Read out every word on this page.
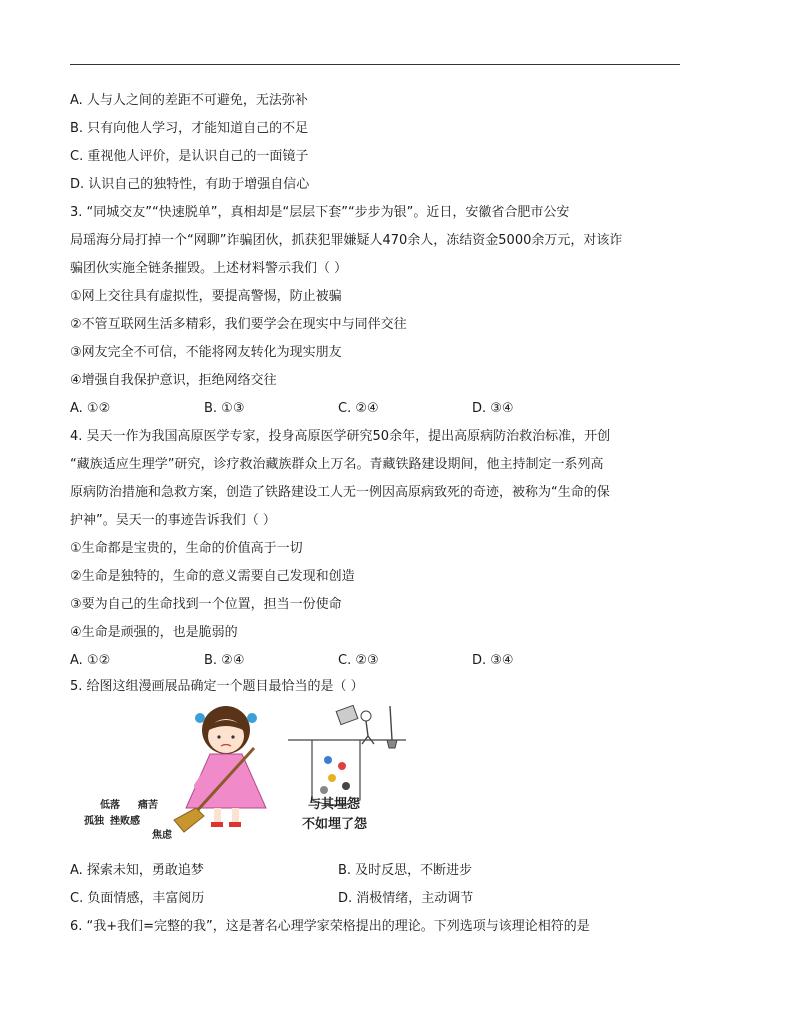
A. 人与人之间的差距不可避免，无法弥补
B. 只有向他人学习，才能知道自己的不足
C. 重视他人评价，是认识自己的一面镜子
D. 认识自己的独特性，有助于增强自信心
3. “同城交友”“快速脱单”，真相却是“层层下套”“步步为银”。近日，安徽省合肥市公安
局瑶海分局打掉一个“网聊”诈骗团伙，抓获犯罪嫌疑人470余人，冻结资金5000余万元，对该诈
骗团伙实施全链条摧毁。上述材料警示我们（ ）
①网上交往具有虚拟性，要提高警惕，防止被骗
②不管互联网生活多精彩，我们要学会在现实中与同伴交往
③网友完全不可信，不能将网友转化为现实朋友
④增强自我保护意识，拒绝网络交往
A. ①②	B. ①③	C. ②④	D. ③④
4. 吴天一作为我国高原医学专家，投身高原医学研究50余年，提出高原病防治救治标准，开创
“藏族适应生理学”研究，诊疗救治藏族群众上万名。青藏铁路建设期间，他主持制定一系列高
原病防治措施和急救方案，创造了铁路建设工人无一例因高原病致死的奇迹，被称为“生命的保
护神”。吴天一的事迹告诉我们（ ）
①生命都是宝贵的，生命的价值高于一切
②生命是独特的，生命的意义需要自己发现和创造
③要为自己的生命找到一个位置，担当一份使命
④生命是顽强的，也是脆弱的
A. ①②	B. ②④	C. ②③	D. ③④
5. 给图这组漫画展品确定一个题目最恰当的是（ ）
低落 痛苦
孤独 挫败感
焦虑
与其埋怨
不如埋了怨
A. 探索未知，勇敢追梦	B. 及时反思，不断进步
C. 负面情感，丰富阅历	D. 消极情绪，主动调节
6. “我+我们=完整的我”，这是著名心理学家荣格提出的理论。下列选项与该理论相符的是
